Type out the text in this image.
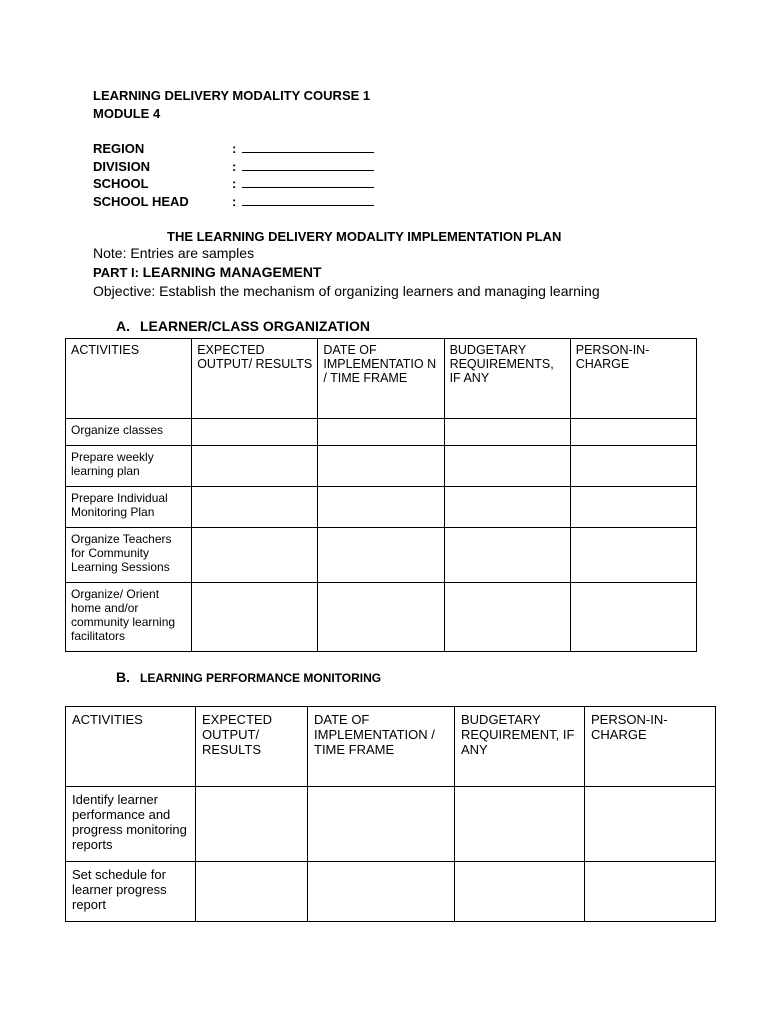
LEARNING DELIVERY MODALITY COURSE 1
MODULE 4
REGION	:
DIVISION	:
SCHOOL	:
SCHOOL HEAD	:
THE LEARNING DELIVERY MODALITY IMPLEMENTATION PLAN
Note: Entries are samples
PART I: LEARNING MANAGEMENT
Objective: Establish the mechanism of organizing learners and managing learning
A. LEARNER/CLASS ORGANIZATION
ACTIVITIES	EXPECTED OUTPUT/ RESULTS	DATE OF IMPLEMENTATIO N / TIME FRAME	BUDGETARY REQUIREMENTS, IF ANY	PERSON-IN-CHARGE
Organize classes				
Prepare weekly learning plan				
Prepare Individual Monitoring Plan				
Organize Teachers for Community Learning Sessions				
Organize/ Orient home and/or community learning facilitators				
B. LEARNING PERFORMANCE MONITORING
ACTIVITIES	EXPECTED OUTPUT/ RESULTS	DATE OF IMPLEMENTATION / TIME FRAME	BUDGETARY REQUIREMENT, IF ANY	PERSON-IN-CHARGE
Identify learner performance and progress monitoring reports				
Set schedule for learner progress report				
